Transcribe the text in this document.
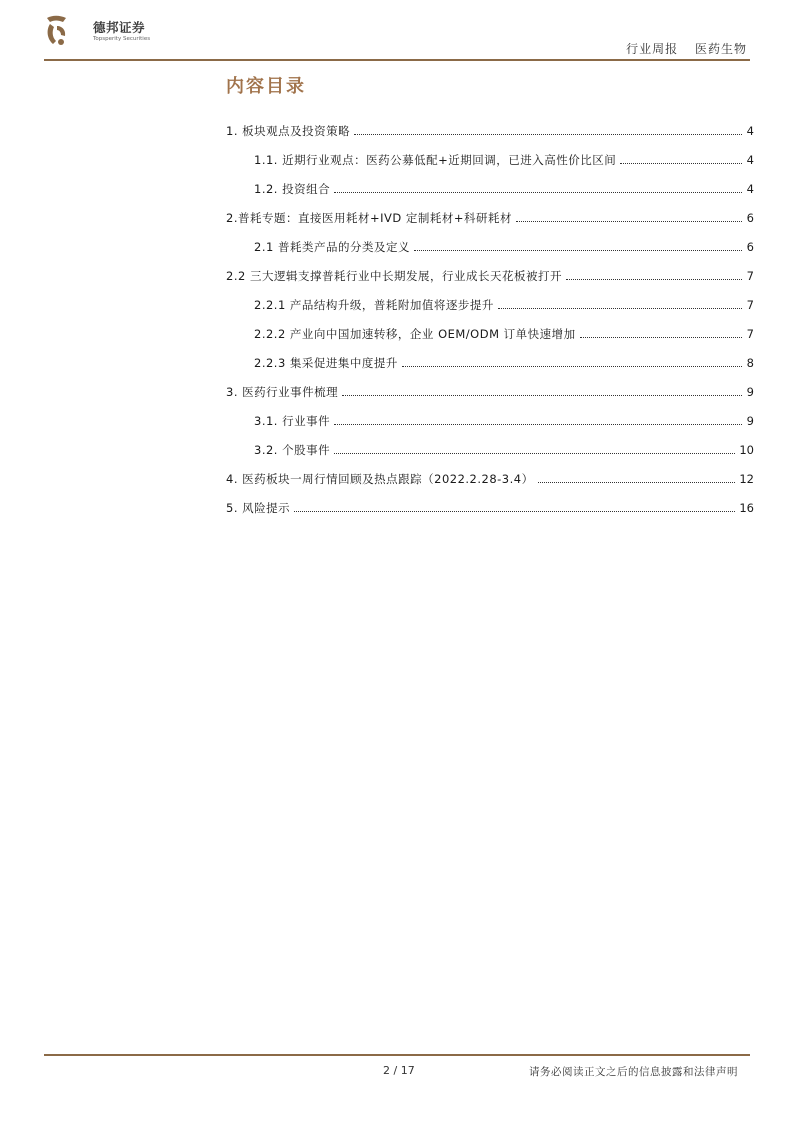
德邦证券
Topsperity Securities
行业周报 医药生物
内容目录
1. 板块观点及投资策略	4
1.1. 近期行业观点：医药公募低配+近期回调，已进入高性价比区间	4
1.2. 投资组合	4
2.普耗专题：直接医用耗材+IVD 定制耗材+科研耗材	6
2.1 普耗类产品的分类及定义	6
2.2 三大逻辑支撑普耗行业中长期发展，行业成长天花板被打开	7
2.2.1 产品结构升级，普耗附加值将逐步提升	7
2.2.2 产业向中国加速转移，企业 OEM/ODM 订单快速增加	7
2.2.3 集采促进集中度提升	8
3. 医药行业事件梳理	9
3.1. 行业事件	9
3.2. 个股事件	10
4. 医药板块一周行情回顾及热点跟踪（2022.2.28-3.4）	12
5. 风险提示	16
2 / 17	请务必阅读正文之后的信息披露和法律声明
